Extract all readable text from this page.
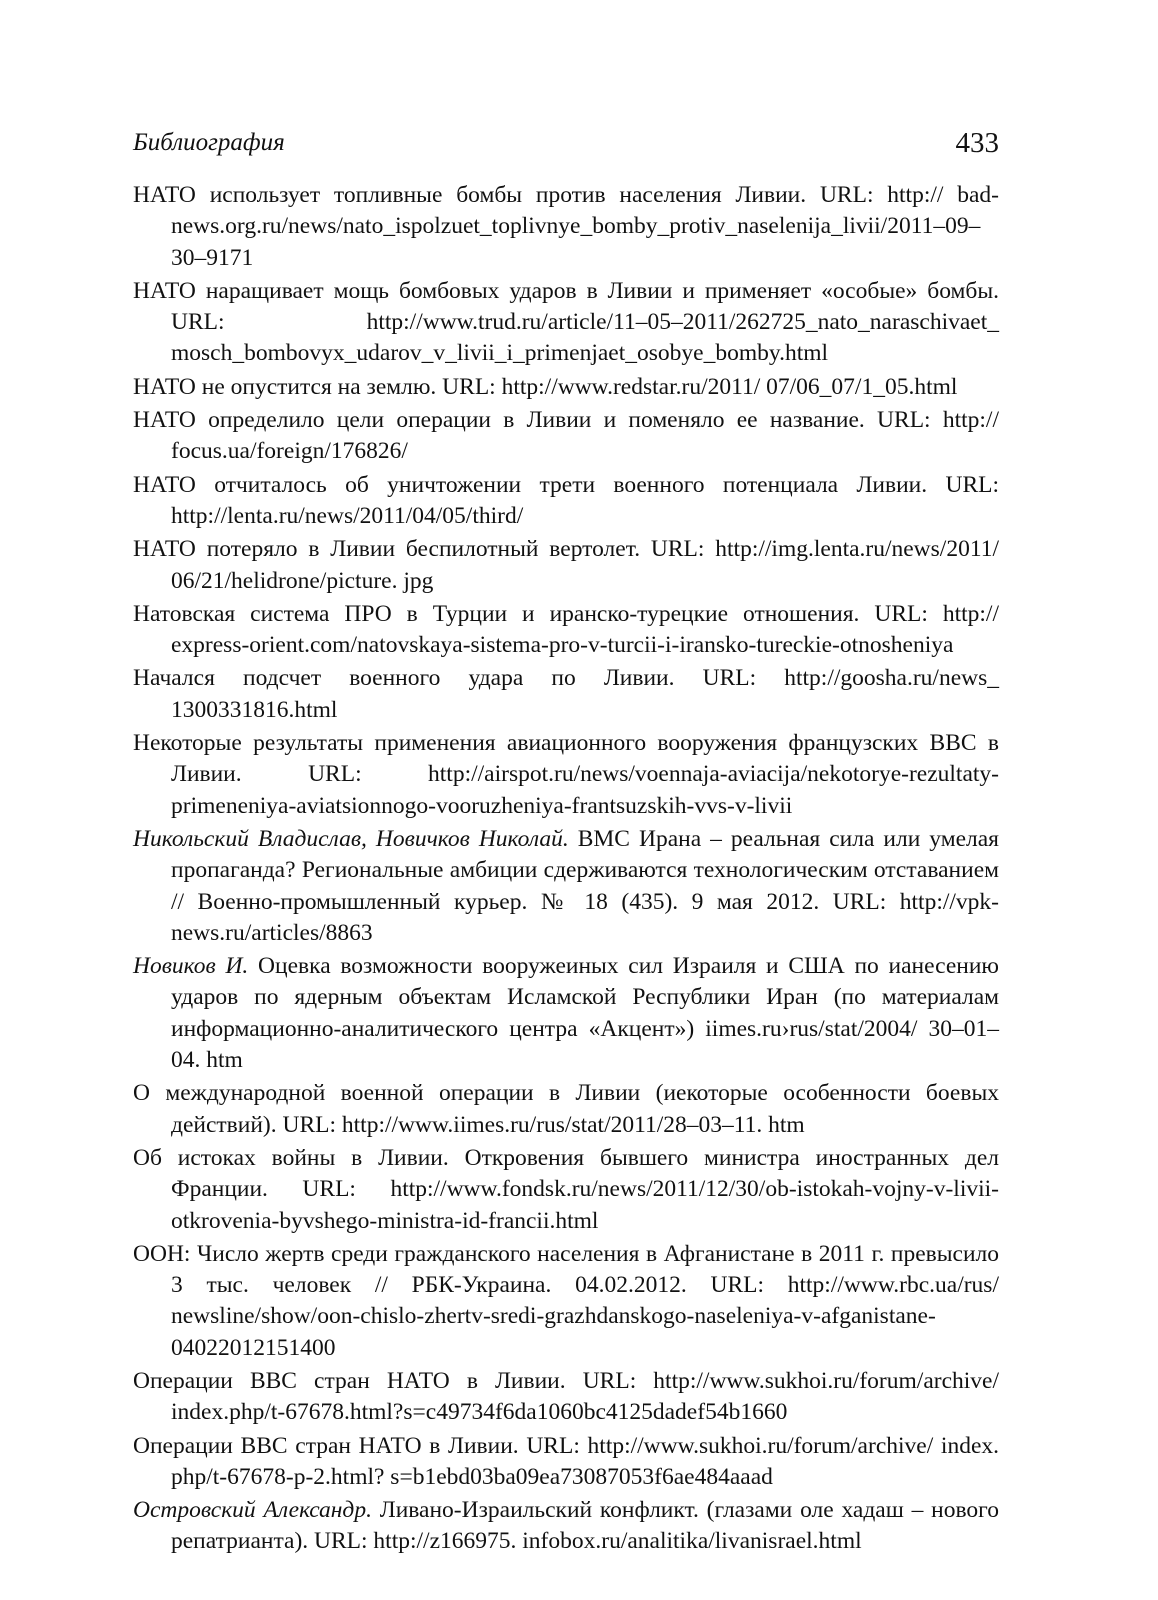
Библиография	433

НАТО использует топливные бомбы против населения Ливии. URL: http:// bad-news.org.ru/news/nato_ispolzuet_toplivnye_bomby_protiv_naselenija_livii/2011–09–30–9171

НАТО наращивает мощь бомбовых ударов в Ливии и применяет «особые» бомбы. URL: http://www.trud.ru/article/11–05–2011/262725_nato_naraschivaet_ mosch_bombovyx_udarov_v_livii_i_primenjaet_osobye_bomby.html

НАТО не опустится на землю. URL: http://www.redstar.ru/2011/ 07/06_07/1_05.html

НАТО определило цели операции в Ливии и поменяло ее название. URL: http:// focus.ua/foreign/176826/

НАТО отчиталось об уничтожении трети военного потенциала Ливии. URL: http://lenta.ru/news/2011/04/05/third/

НАТО потеряло в Ливии беспилотный вертолет. URL: http://img.lenta.ru/news/2011/ 06/21/helidrone/picture. jpg

Натовская система ПРО в Турции и иранско-турецкие отношения. URL: http:// express-orient.com/natovskaya-sistema-pro-v-turcii-i-iransko-tureckie-otnosheniya

Начался подсчет военного удара по Ливии. URL: http://goosha.ru/news_ 1300331816.html

Некоторые результаты применения авиационного вооружения французских ВВС в Ливии. URL: http://airspot.ru/news/voennaja-aviacija/nekotorye-rezultaty-primeneniya-aviatsionnogo-vooruzheniya-frantsuzskih-vvs-v-livii

Никольский Владислав, Новичков Николай. ВМС Ирана – реальная сила или умелая пропаганда? Региональные амбиции сдерживаются технологическим отставанием // Военно-промышленный курьер. № 18 (435). 9 мая 2012. URL: http://vpk-news.ru/articles/8863

Новиков И. Оцевка возможности вооружеиных сил Израиля и США по ианесению ударов по ядерным объектам Исламской Республики Иран (по материалам информационно-аналитического центра «Акцент») iimes.ru›rus/stat/2004/ 30–01–04. htm

О международной военной операции в Ливии (иекоторые особенности боевых действий). URL: http://www.iimes.ru/rus/stat/2011/28–03–11. htm

Об истоках войны в Ливии. Откровения бывшего министра иностранных дел Франции. URL: http://www.fondsk.ru/news/2011/12/30/ob-istokah-vojny-v-livii-otkrovenia-byvshego-ministra-id-francii.html

ООН: Число жертв среди гражданского населения в Афганистане в 2011 г. превысило 3 тыс. человек // РБК-Украина. 04.02.2012. URL: http://www.rbc.ua/rus/ newsline/show/oon-chislo-zhertv-sredi-grazhdanskogo-naseleniya-v-afganistane-04022012151400

Операции ВВС стран НАТО в Ливии. URL: http://www.sukhoi.ru/forum/archive/ index.php/t-67678.html?s=c49734f6da1060bc4125dadef54b1660

Операции ВВС стран НАТО в Ливии. URL: http://www.sukhoi.ru/forum/archive/ index. php/t-67678-p-2.html? s=b1ebd03ba09ea73087053f6ae484aaad

Островский Александр. Ливано-Израильский конфликт. (глазами оле хадаш – нового репатрианта). URL: http://z166975. infobox.ru/analitika/livanisrael.html
